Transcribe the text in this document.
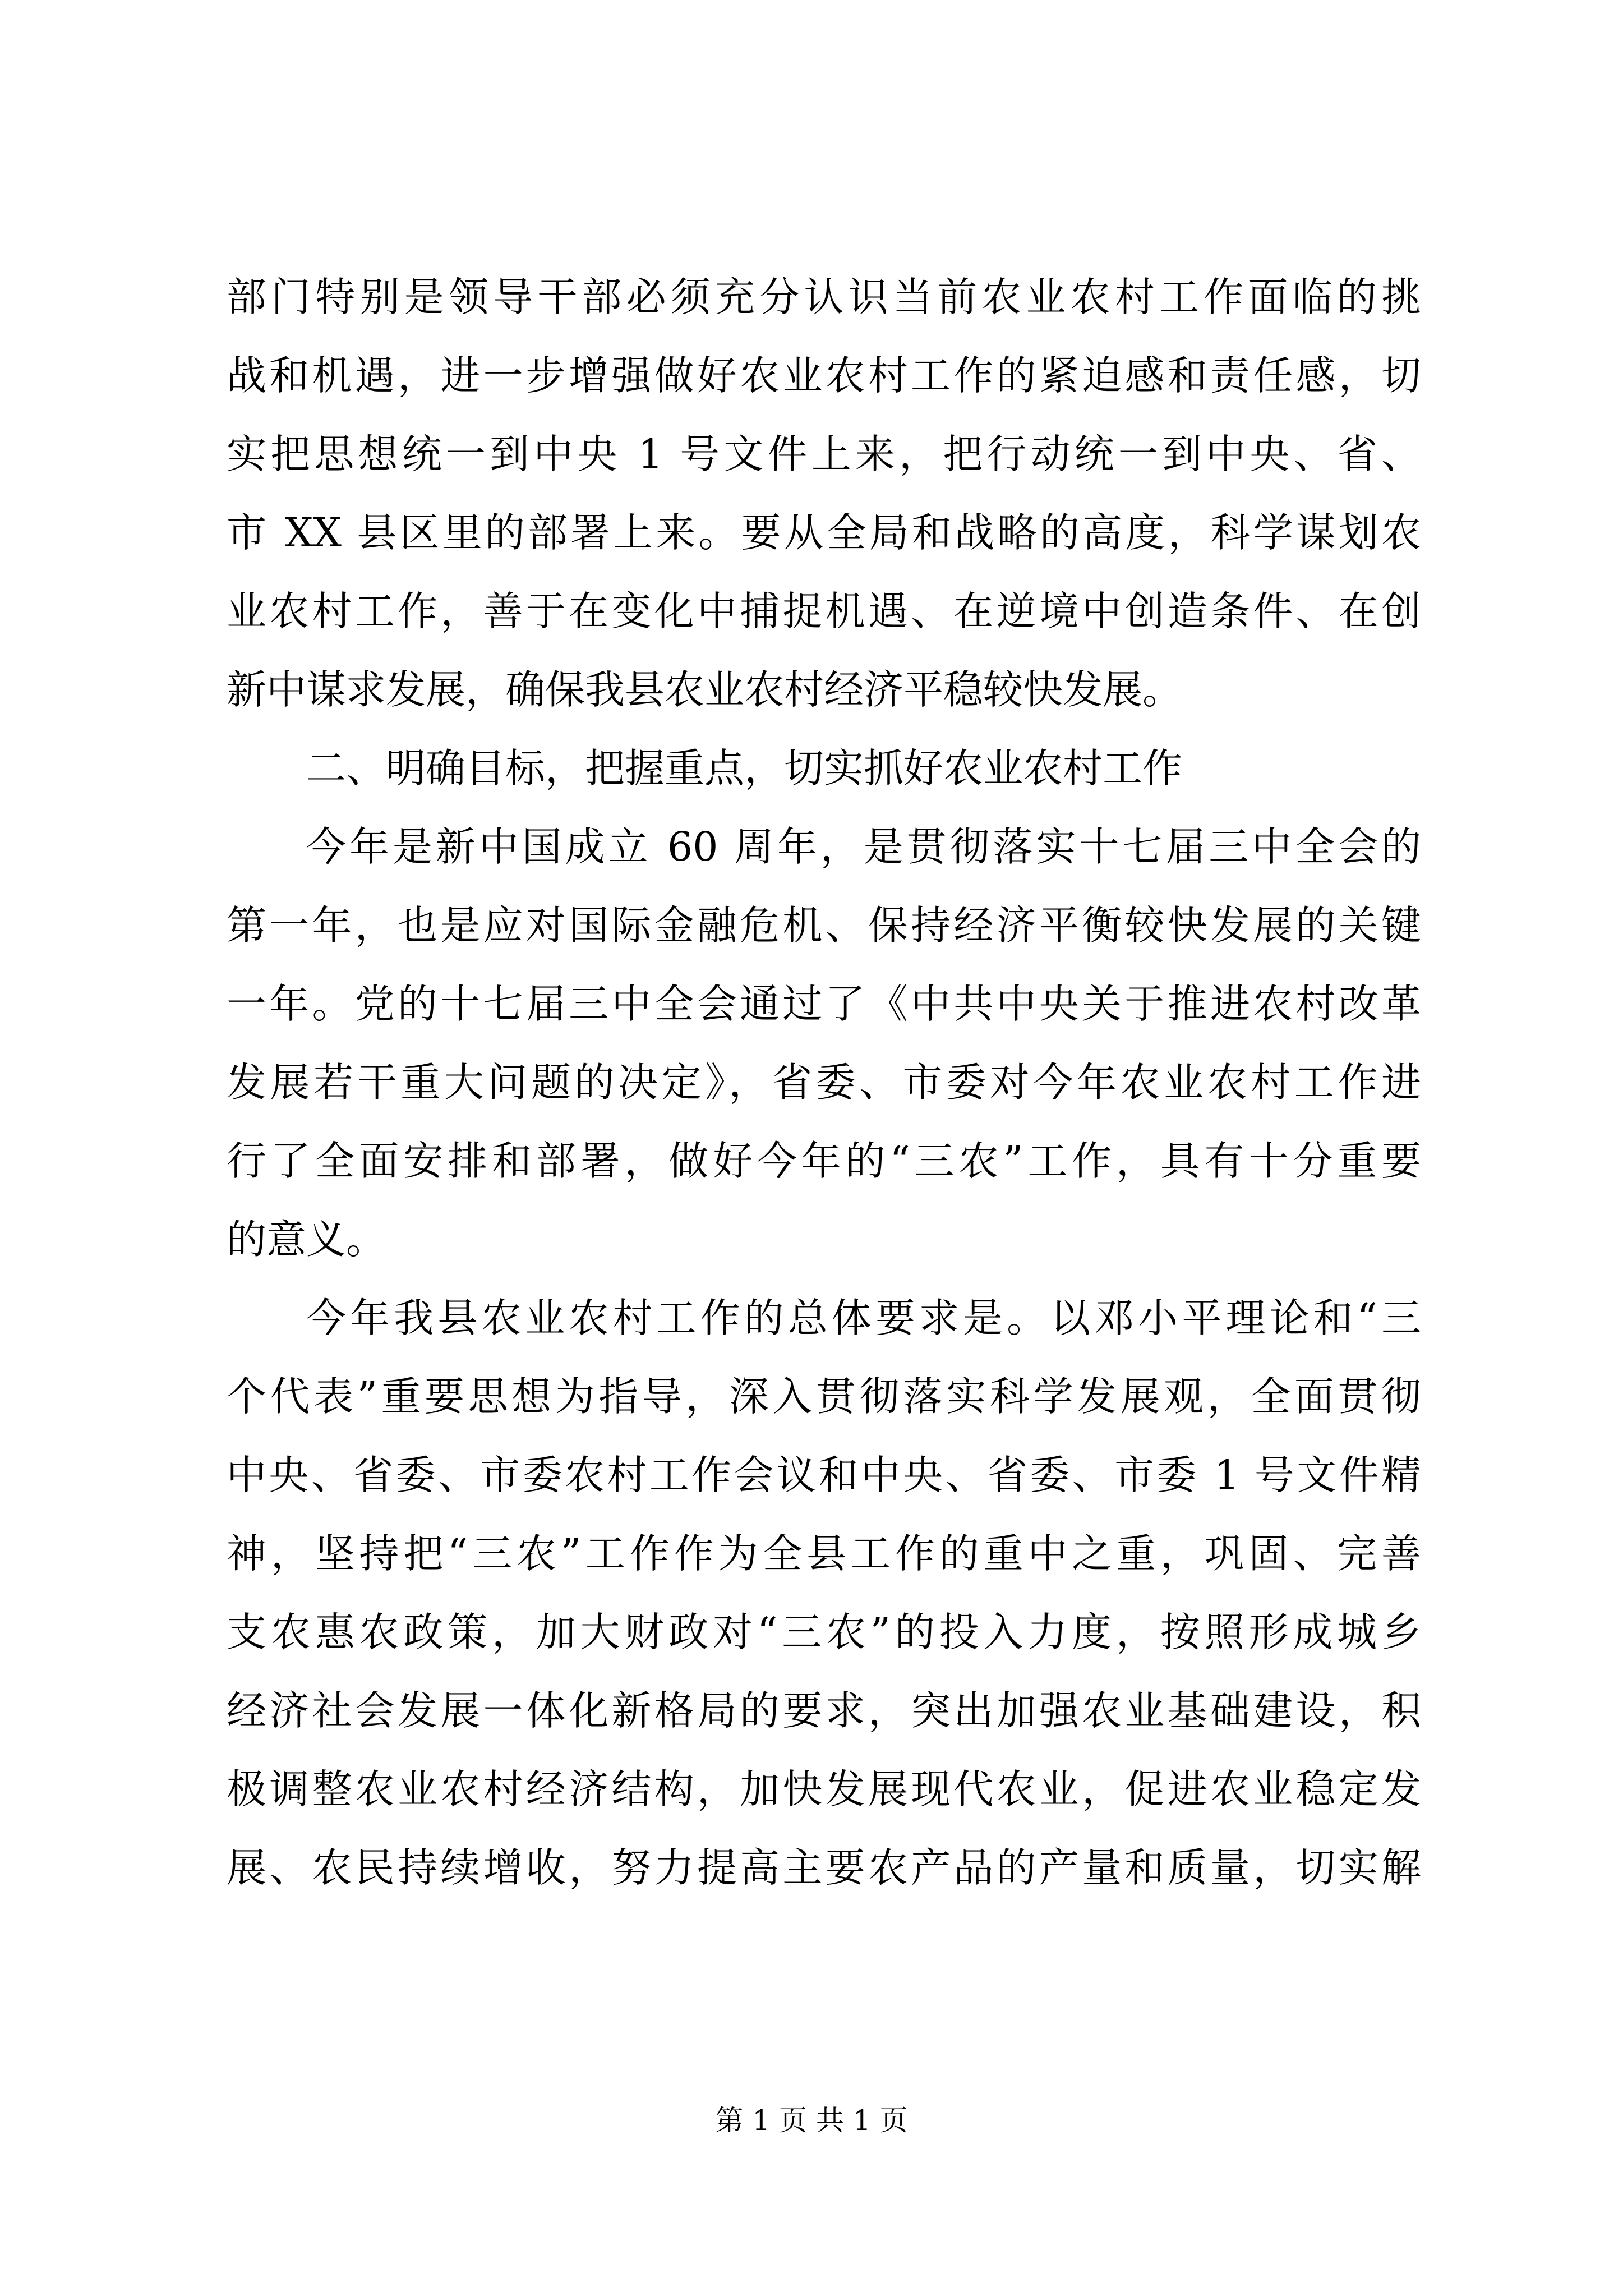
部门特别是领导干部必须充分认识当前农业农村工作面临的挑
战和机遇，进一步增强做好农业农村工作的紧迫感和责任感，切
实把思想统一到中央 1 号文件上来，把行动统一到中央、省、
市 XX 县区里的部署上来。要从全局和战略的高度，科学谋划农
业农村工作，善于在变化中捕捉机遇、在逆境中创造条件、在创
新中谋求发展，确保我县农业农村经济平稳较快发展。
二、明确目标，把握重点，切实抓好农业农村工作
今年是新中国成立 60 周年，是贯彻落实十七届三中全会的
第一年，也是应对国际金融危机、保持经济平衡较快发展的关键
一年。党的十七届三中全会通过了《中共中央关于推进农村改革
发展若干重大问题的决定》，省委、市委对今年农业农村工作进
行了全面安排和部署，做好今年的“三农”工作，具有十分重要
的意义。
今年我县农业农村工作的总体要求是。以邓小平理论和“三
个代表”重要思想为指导，深入贯彻落实科学发展观，全面贯彻
中央、省委、市委农村工作会议和中央、省委、市委 1 号文件精
神，坚持把“三农”工作作为全县工作的重中之重，巩固、完善
支农惠农政策，加大财政对“三农”的投入力度，按照形成城乡
经济社会发展一体化新格局的要求，突出加强农业基础建设，积
极调整农业农村经济结构，加快发展现代农业，促进农业稳定发
展、农民持续增收，努力提高主要农产品的产量和质量，切实解
第 1 页 共 1 页
